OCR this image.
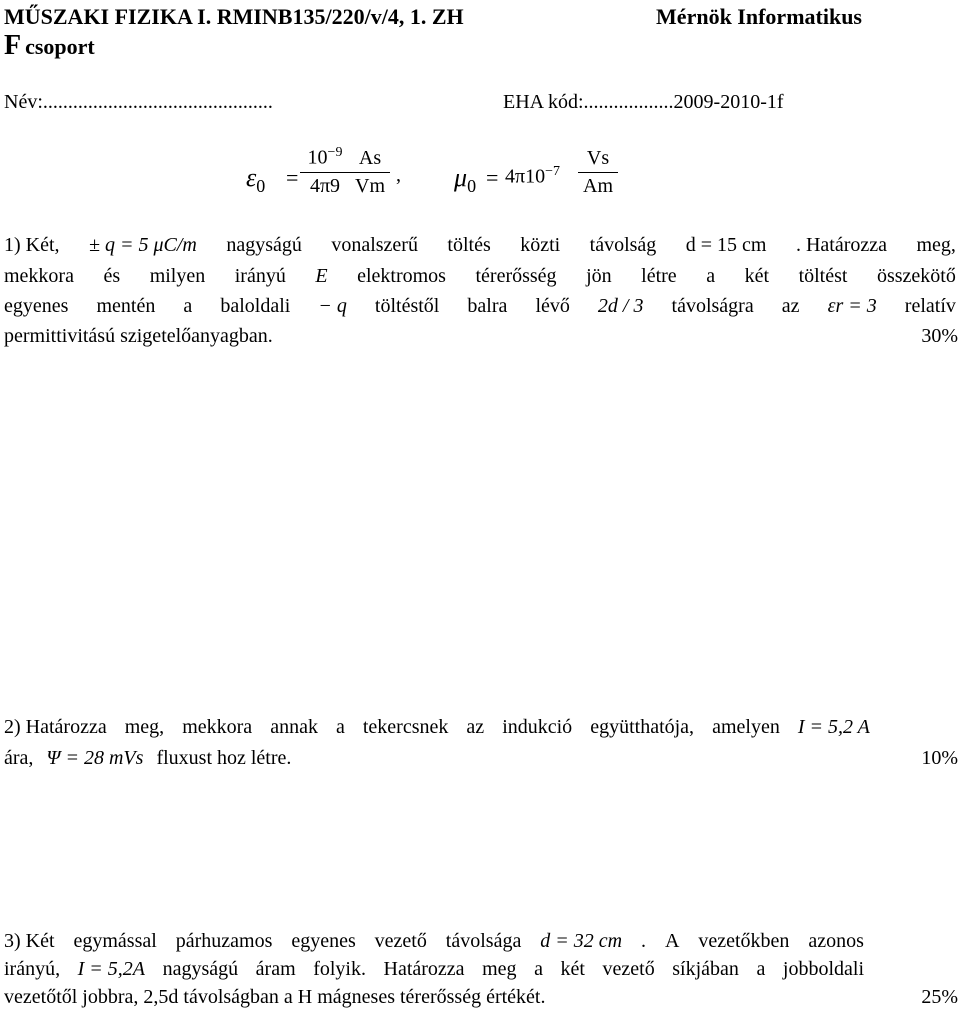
MŰSZAKI FIZIKA I. RMINB135/220/v/4, 1. ZH	Mérnök Informatikus
F csoport
Név:..............................................	EHA kód:..................2009-2010-1f
$\varepsilon_0 = \frac{10^{-9}}{4\pi 9} \frac{As}{Vm}$ , $\mu_0 = 4\pi 10^{-7} \frac{Vs}{Am}$
1) Két, ± q = 5 μC/m nagyságú vonalszerű töltés közti távolság d = 15 cm . Határozza meg,
mekkora és milyen irányú E elektromos térerősség jön létre a két töltést összekötő
egyenes mentén a baloldali − q töltéstől balra lévő 2d / 3 távolságra az εr = 3 relatív
permittivitású szigetelőanyagban.	30%
2) Határozza meg, mekkora annak a tekercsnek az indukció együtthatója, amelyen I = 5,2 A
ára, Ψ = 28 mVs fluxust hoz létre.	10%
3) Két egymással párhuzamos egyenes vezető távolsága d = 32 cm . A vezetőkben azonos
irányú, I = 5,2A nagyságú áram folyik. Határozza meg a két vezető síkjában a jobboldali
vezetőtől jobbra, 2,5d távolságban a H mágneses térerősség értékét.	25%
